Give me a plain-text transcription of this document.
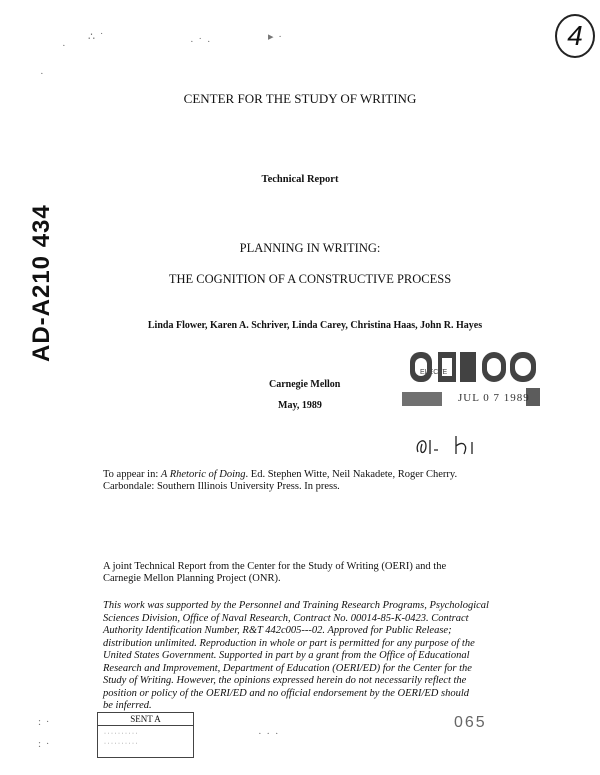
·
∴ ˙	· ˙ ·	▸ ·
·
4
AD-A210 434
CENTER FOR THE STUDY OF WRITING
Technical Report
PLANNING IN WRITING:
THE COGNITION OF A CONSTRUCTIVE PROCESS
Linda Flower, Karen A. Schriver, Linda Carey, Christina Haas, John R. Hayes
Carnegie Mellon
May, 1989
ELECTE
JUL 0 7 1989
To appear in: A Rhetoric of Doing. Ed. Stephen Witte, Neil Nakadete, Roger Cherry.
Carbondale: Southern Illinois University Press. In press.
A joint Technical Report from the Center for the Study of Writing (OERI) and the
Carnegie Mellon Planning Project (ONR).
This work was supported by the Personnel and Training Research Programs, Psychological
Sciences Division, Office of Naval Research, Contract No. 00014-85-K-0423. Contract
Authority Identification Number, R&T 442c005---02. Approved for Public Release;
distribution unlimited. Reproduction in whole or part is permitted for any purpose of the
United States Government. Supported in part by a grant from the Office of Educational
Research and Improvement, Department of Education (OERI/ED) for the Center for the
Study of Writing. However, the opinions expressed herein do not necessarily reflect the
position or policy of the OERI/ED and no official endorsement by the OERI/ED should
be inferred.
: ·
: ·
SENT A
· · · · · · · · · ·
· · · · · · · · · ·
· · ·
065
